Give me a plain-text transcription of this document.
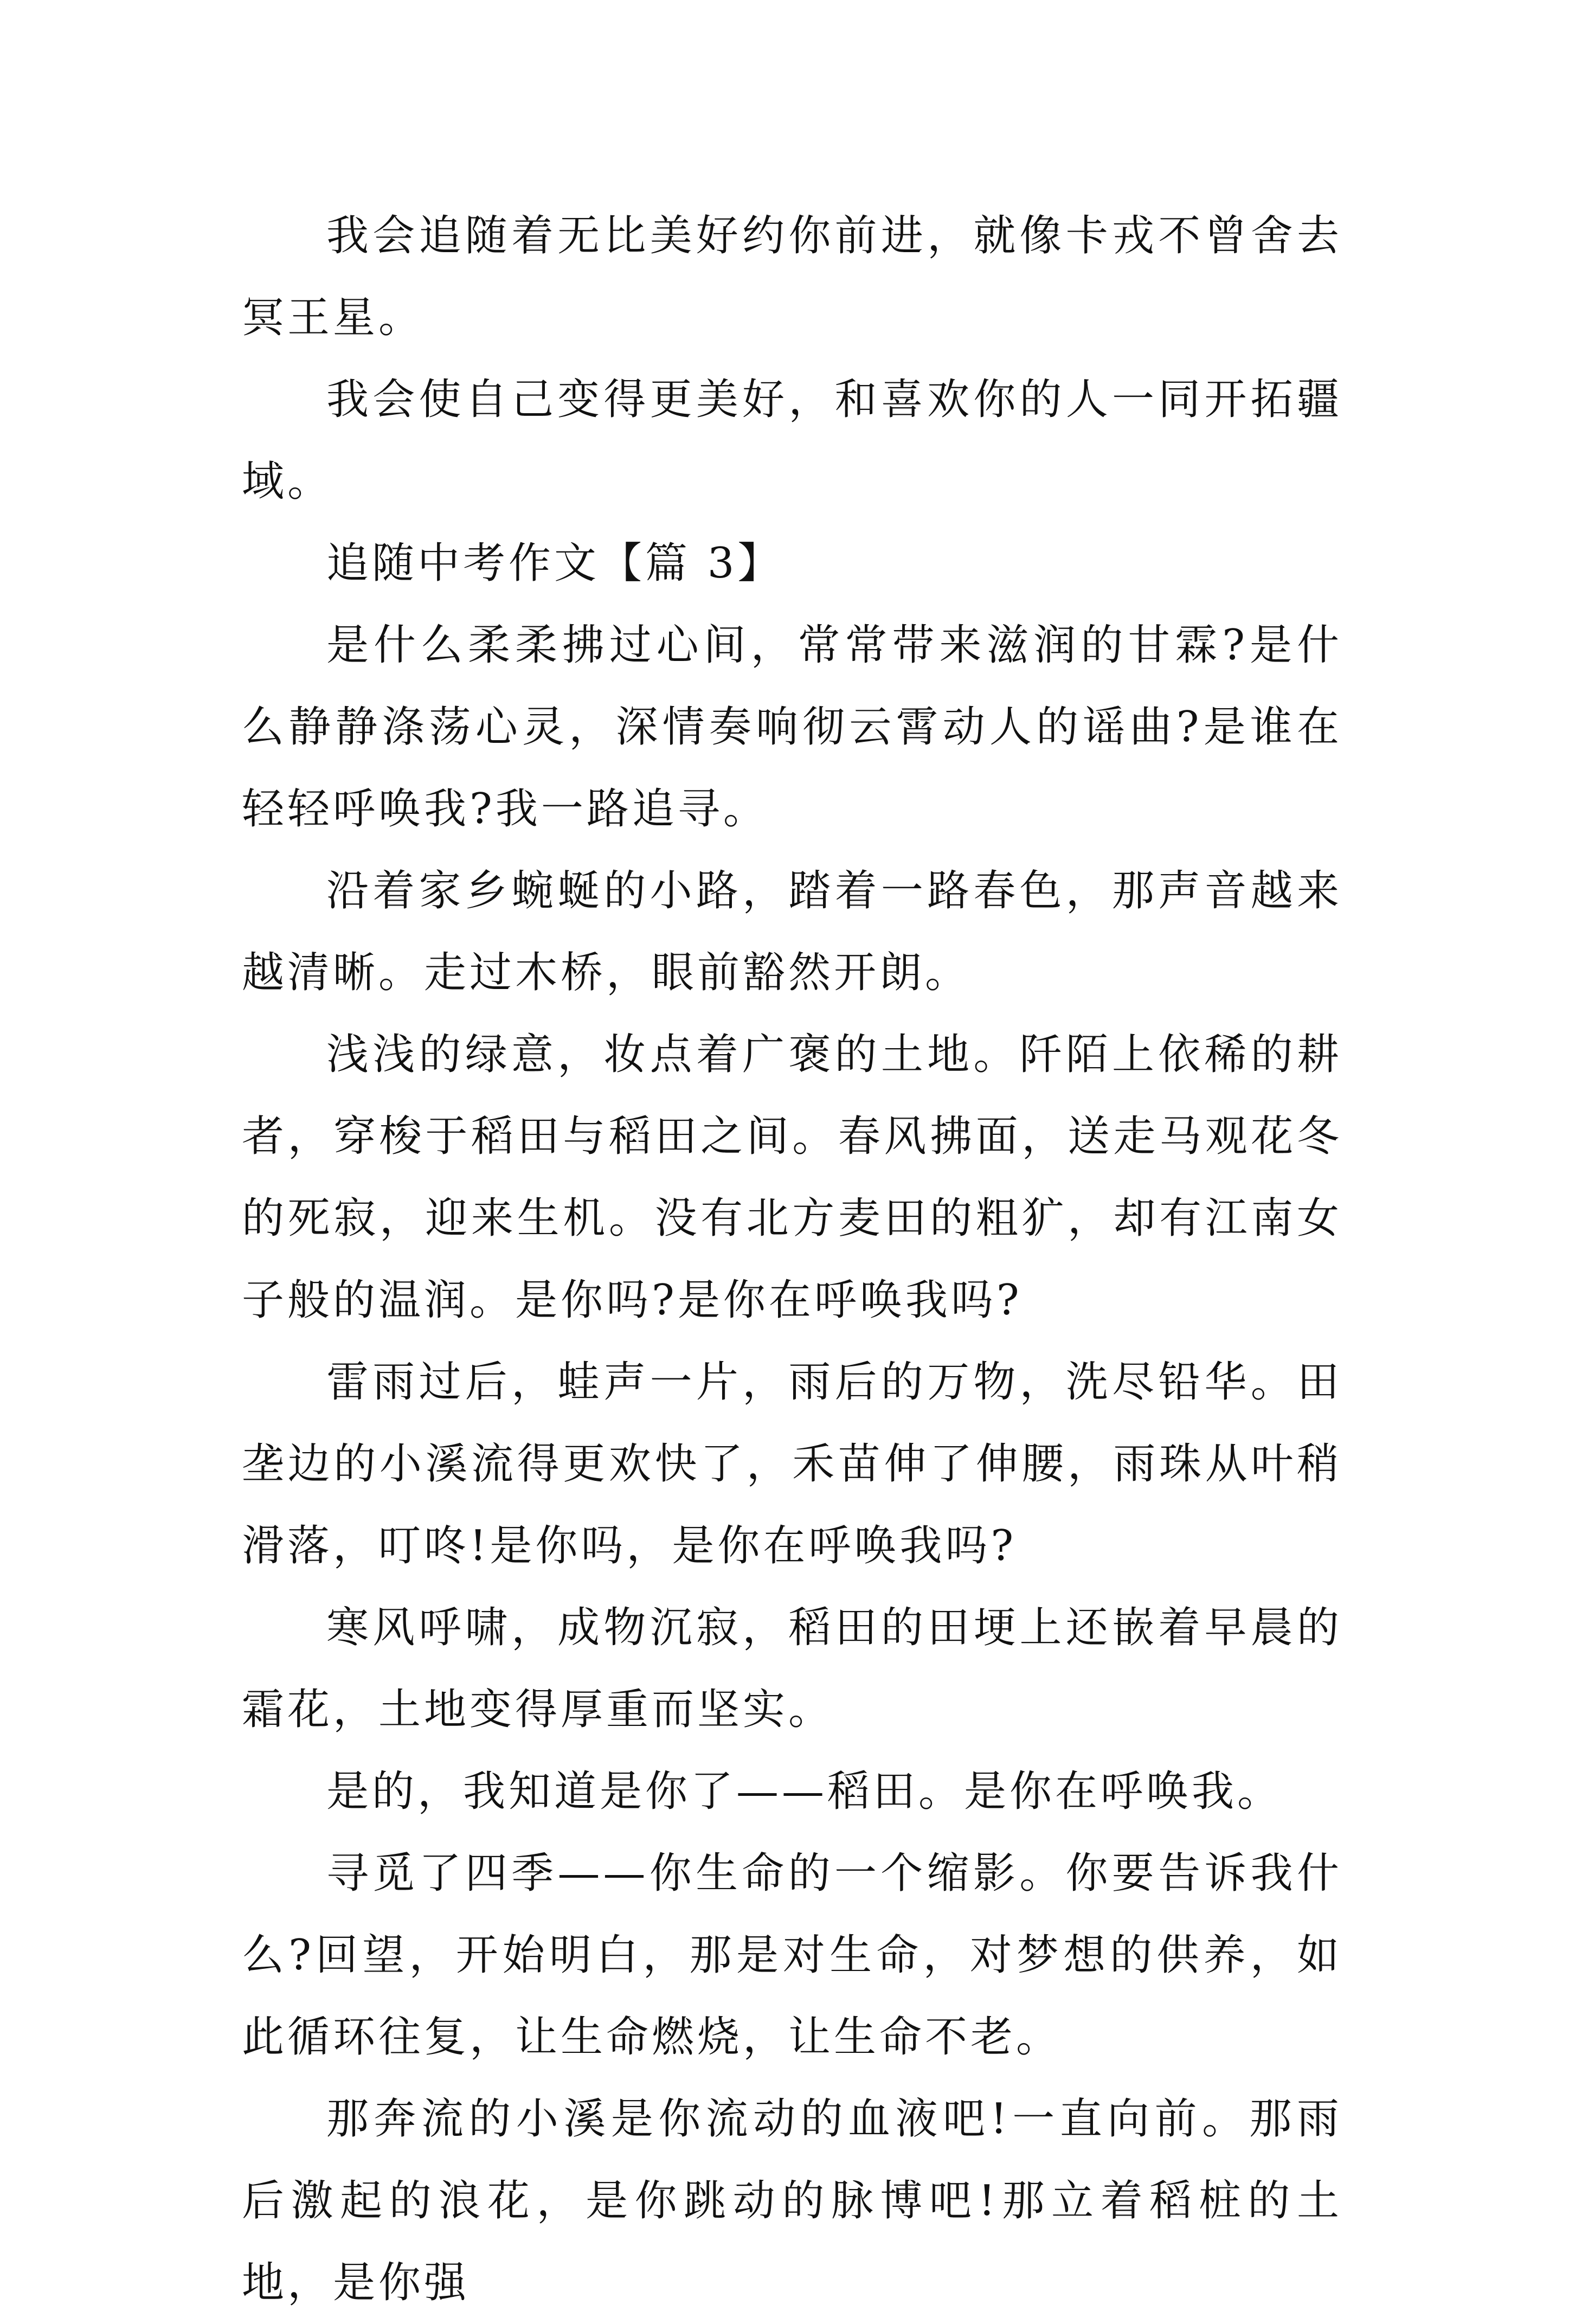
我会追随着无比美好约你前进，就像卡戎不曾舍去冥王星。

我会使自己变得更美好，和喜欢你的人一同开拓疆域。

追随中考作文【篇 3】

是什么柔柔拂过心间，常常带来滋润的甘霖?是什么静静涤荡心灵，深情奏响彻云霄动人的谣曲?是谁在轻轻呼唤我?我一路追寻。

沿着家乡蜿蜒的小路，踏着一路春色，那声音越来越清晰。走过木桥，眼前豁然开朗。

浅浅的绿意，妆点着广褒的土地。阡陌上依稀的耕者，穿梭于稻田与稻田之间。春风拂面，送走马观花冬的死寂，迎来生机。没有北方麦田的粗犷，却有江南女子般的温润。是你吗?是你在呼唤我吗?

雷雨过后，蛙声一片，雨后的万物，洗尽铅华。田垄边的小溪流得更欢快了，禾苗伸了伸腰，雨珠从叶稍滑落，叮咚!是你吗，是你在呼唤我吗?

寒风呼啸，成物沉寂，稻田的田埂上还嵌着早晨的霜花，土地变得厚重而坚实。

是的，我知道是你了——稻田。是你在呼唤我。

寻觅了四季——你生命的一个缩影。你要告诉我什么?回望，开始明白，那是对生命，对梦想的供养，如此循环往复，让生命燃烧，让生命不老。

那奔流的小溪是你流动的血液吧!一直向前。那雨后激起的浪花，是你跳动的脉博吧!那立着稻桩的土地，是你强
